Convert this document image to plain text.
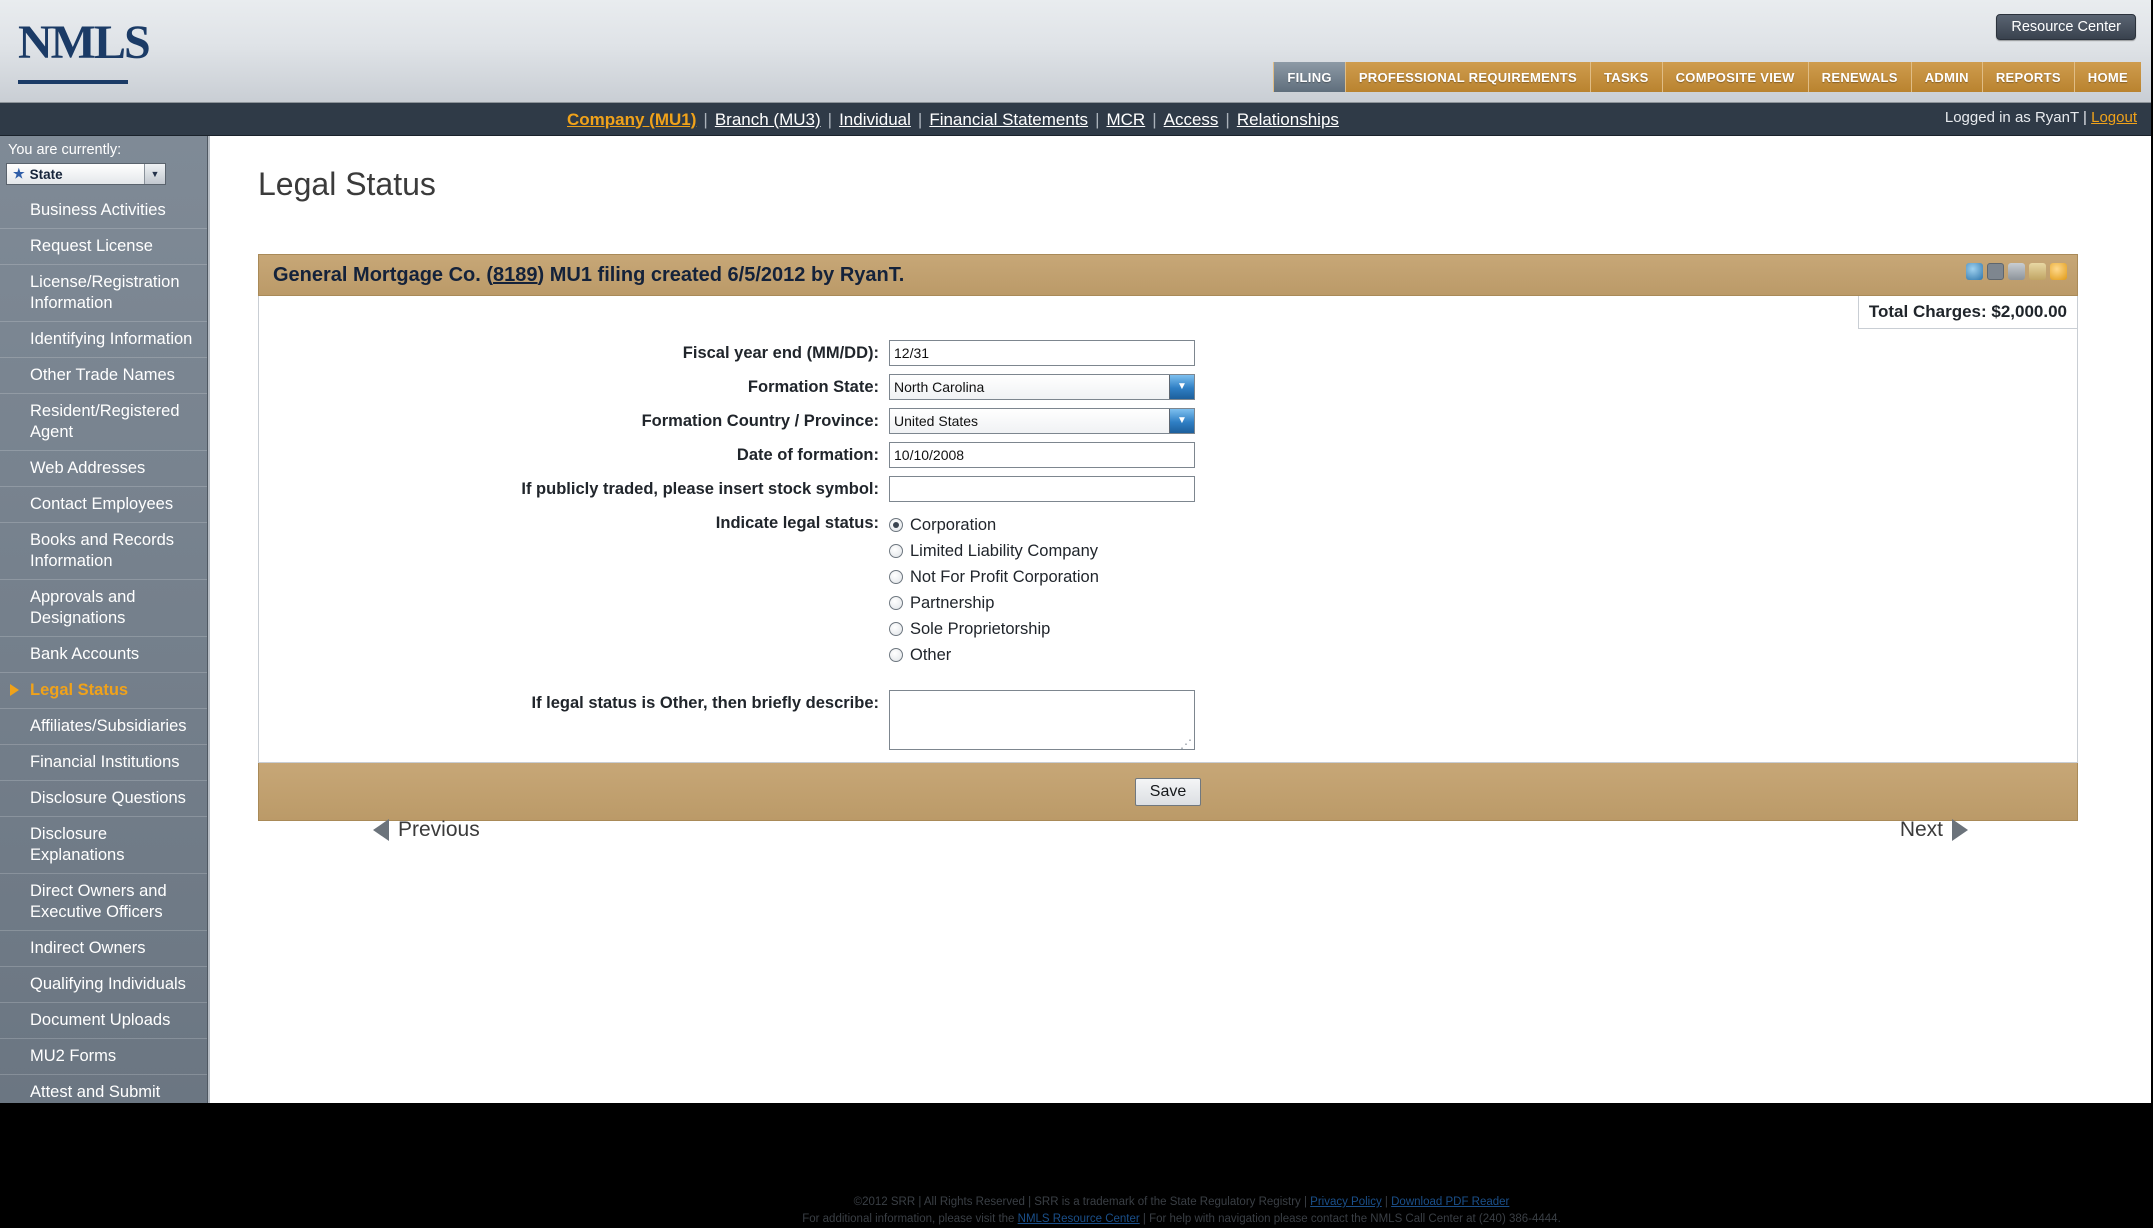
NMLS	Resource Center
FILING	PROFESSIONAL REQUIREMENTS	TASKS	COMPOSITE VIEW	RENEWALS	ADMIN	REPORTS	HOME
Company (MU1) | Branch (MU3) | Individual | Financial Statements | MCR | Access | Relationships	Logged in as RyanT | Logout
You are currently:
★ State	▼
Business Activities
Request License
License/Registration Information
Identifying Information
Other Trade Names
Resident/Registered Agent
Web Addresses
Contact Employees
Books and Records Information
Approvals and Designations
Bank Accounts
Legal Status
Affiliates/Subsidiaries
Financial Institutions
Disclosure Questions
Disclosure Explanations
Direct Owners and Executive Officers
Indirect Owners
Qualifying Individuals
Document Uploads
MU2 Forms
Attest and Submit
Legal Status
General Mortgage Co. (8189) MU1 filing created 6/5/2012 by RyanT.
Total Charges: $2,000.00
Fiscal year end (MM/DD):	12/31
Formation State:	North Carolina	▼
Formation Country / Province:	United States	▼
Date of formation:	10/10/2008
If publicly traded, please insert stock symbol:
Indicate legal status:	Corporation
Limited Liability Company
Not For Profit Corporation
Partnership
Sole Proprietorship
Other
If legal status is Other, then briefly describe:
⋰
Save
Previous	Next
©2012 SRR | All Rights Reserved | SRR is a trademark of the State Regulatory Registry | Privacy Policy | Download PDF Reader
For additional information, please visit the NMLS Resource Center | For help with navigation please contact the NMLS Call Center at (240) 386-4444.
